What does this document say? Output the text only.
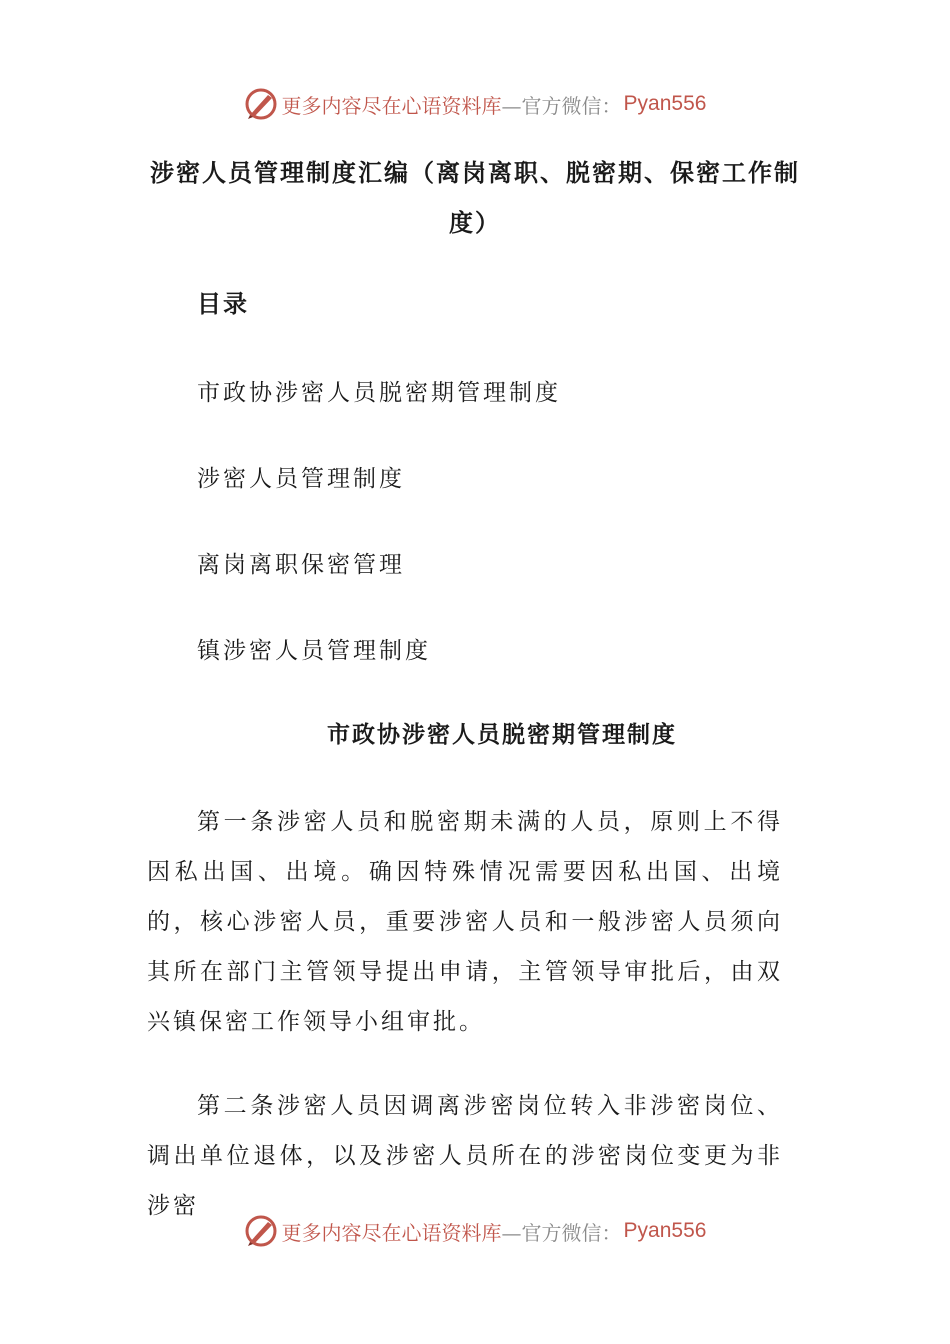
更多内容尽在心语资料库 —官方微信： Pyan556
涉密人员管理制度汇编（离岗离职、脱密期、保密工作制度）
目录
市政协涉密人员脱密期管理制度
涉密人员管理制度
离岗离职保密管理
镇涉密人员管理制度
市政协涉密人员脱密期管理制度

第一条涉密人员和脱密期未满的人员，原则上不得因私出国、出境。确因特殊情况需要因私出国、出境的，核心涉密人员，重要涉密人员和一般涉密人员须向其所在部门主管领导提出申请，主管领导审批后，由双兴镇保密工作领导小组审批。

第二条涉密人员因调离涉密岗位转入非涉密岗位、调出单位退体，以及涉密人员所在的涉密岗位变更为非涉密

更多内容尽在心语资料库 —官方微信： Pyan556
